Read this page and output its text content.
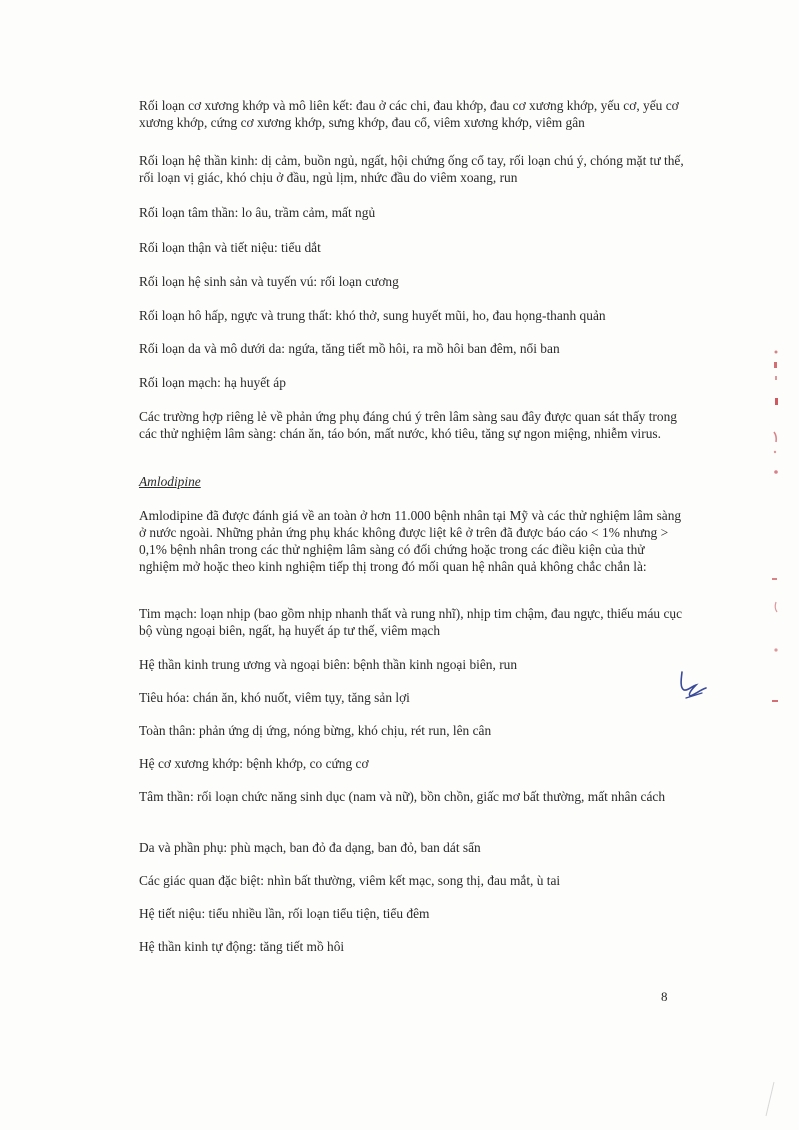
Rối loạn cơ xương khớp và mô liên kết: đau ở các chi, đau khớp, đau cơ xương khớp, yếu cơ, yếu cơ xương khớp, cứng cơ xương khớp, sưng khớp, đau cổ, viêm xương khớp, viêm gân

Rối loạn hệ thần kinh: dị cảm, buồn ngủ, ngất, hội chứng ống cổ tay, rối loạn chú ý, chóng mặt tư thế, rối loạn vị giác, khó chịu ở đầu, ngủ lịm, nhức đầu do viêm xoang, run

Rối loạn tâm thần: lo âu, trầm cảm, mất ngủ

Rối loạn thận và tiết niệu: tiểu dắt

Rối loạn hệ sinh sản và tuyến vú: rối loạn cương

Rối loạn hô hấp, ngực và trung thất: khó thở, sung huyết mũi, ho, đau họng-thanh quản

Rối loạn da và mô dưới da: ngứa, tăng tiết mồ hôi, ra mồ hôi ban đêm, nổi ban

Rối loạn mạch: hạ huyết áp

Các trường hợp riêng lẻ về phản ứng phụ đáng chú ý trên lâm sàng sau đây được quan sát thấy trong các thử nghiệm lâm sàng: chán ăn, táo bón, mất nước, khó tiêu, tăng sự ngon miệng, nhiễm virus.

Amlodipine

Amlodipine đã được đánh giá về an toàn ở hơn 11.000 bệnh nhân tại Mỹ và các thử nghiệm lâm sàng ở nước ngoài. Những phản ứng phụ khác không được liệt kê ở trên đã được báo cáo < 1% nhưng > 0,1% bệnh nhân trong các thử nghiệm lâm sàng có đối chứng hoặc trong các điều kiện của thử nghiệm mở hoặc theo kinh nghiệm tiếp thị trong đó mối quan hệ nhân quả không chắc chắn là:

Tim mạch: loạn nhịp (bao gồm nhịp nhanh thất và rung nhĩ), nhịp tim chậm, đau ngực, thiếu máu cục bộ vùng ngoại biên, ngất, hạ huyết áp tư thế, viêm mạch

Hệ thần kinh trung ương và ngoại biên: bệnh thần kinh ngoại biên, run

Tiêu hóa: chán ăn, khó nuốt, viêm tụy, tăng sản lợi

Toàn thân: phản ứng dị ứng, nóng bừng, khó chịu, rét run, lên cân

Hệ cơ xương khớp: bệnh khớp, co cứng cơ

Tâm thần: rối loạn chức năng sinh dục (nam và nữ), bồn chồn, giấc mơ bất thường, mất nhân cách

Da và phần phụ: phù mạch, ban đỏ đa dạng, ban đỏ, ban dát sẩn

Các giác quan đặc biệt: nhìn bất thường, viêm kết mạc, song thị, đau mắt, ù tai

Hệ tiết niệu: tiểu nhiều lần, rối loạn tiểu tiện, tiểu đêm

Hệ thần kinh tự động: tăng tiết mồ hôi

8
